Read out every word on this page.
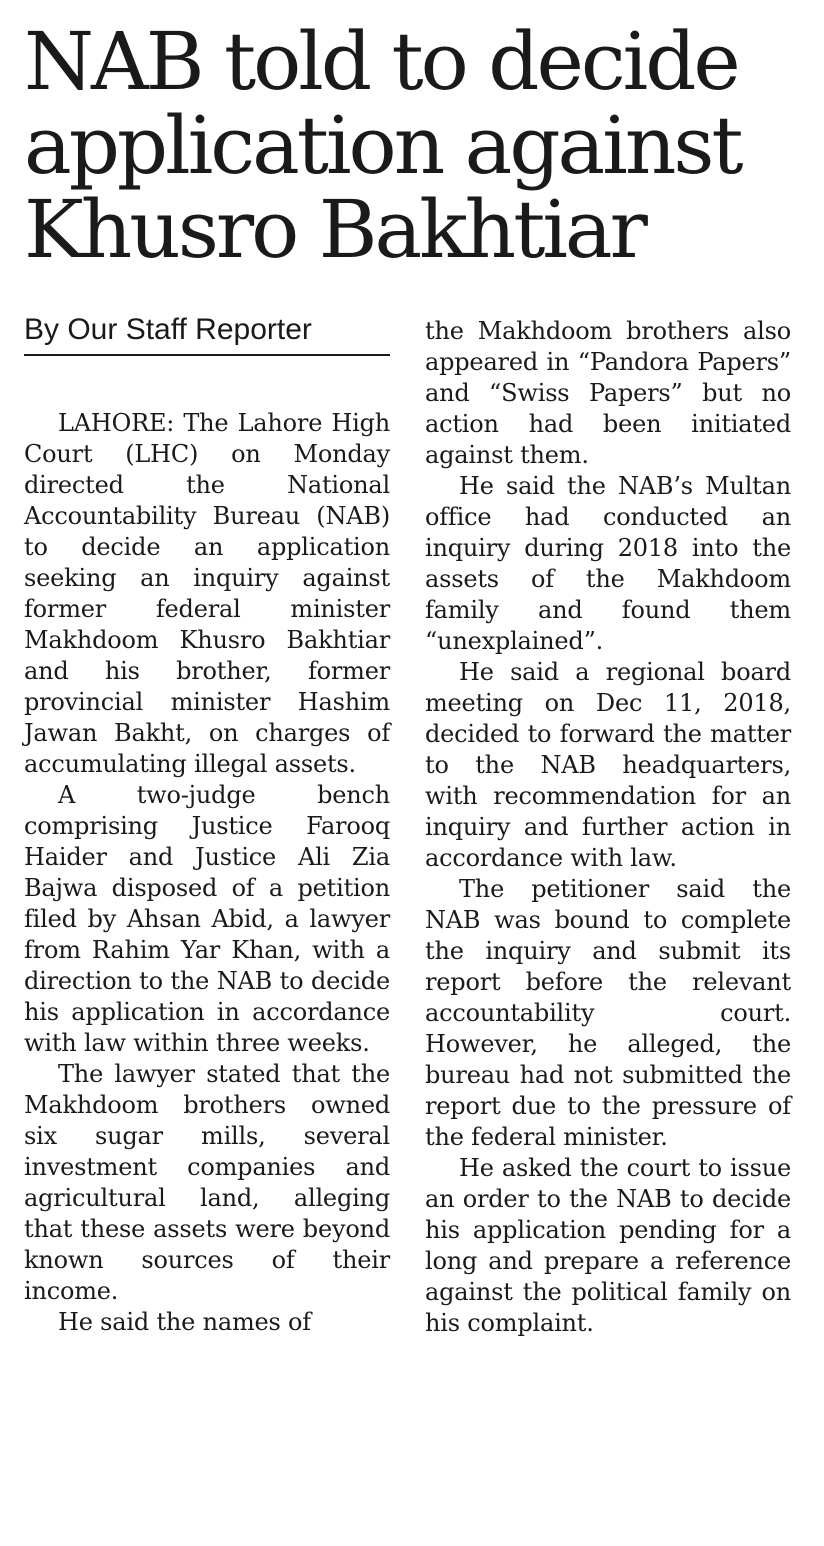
NAB told to decide application against Khusro Bakhtiar
By Our Staff Reporter

LAHORE: The Lahore High Court (LHC) on Monday directed the National Accountability Bureau (NAB) to decide an application seeking an inquiry against former federal minister Makhdoom Khusro Bakhtiar and his brother, former provincial minister Hashim Jawan Bakht, on charges of accumulating illegal assets.

A two-judge bench comprising Justice Farooq Haider and Justice Ali Zia Bajwa disposed of a petition filed by Ahsan Abid, a lawyer from Rahim Yar Khan, with a direction to the NAB to decide his application in accordance with law within three weeks.

The lawyer stated that the Makhdoom brothers owned six sugar mills, several investment companies and agricultural land, alleging that these assets were beyond known sources of their income.

He said the names of

the Makhdoom brothers also appeared in “Pandora Papers” and “Swiss Papers” but no action had been initiated against them.

He said the NAB’s Multan office had conducted an inquiry during 2018 into the assets of the Makhdoom family and found them “unexplained”.

He said a regional board meeting on Dec 11, 2018, decided to forward the matter to the NAB headquarters, with recommendation for an inquiry and further action in accordance with law.

The petitioner said the NAB was bound to complete the inquiry and submit its report before the relevant accountability court. However, he alleged, the bureau had not submitted the report due to the pressure of the federal minister.

He asked the court to issue an order to the NAB to decide his application pending for a long and prepare a reference against the political family on his complaint.
